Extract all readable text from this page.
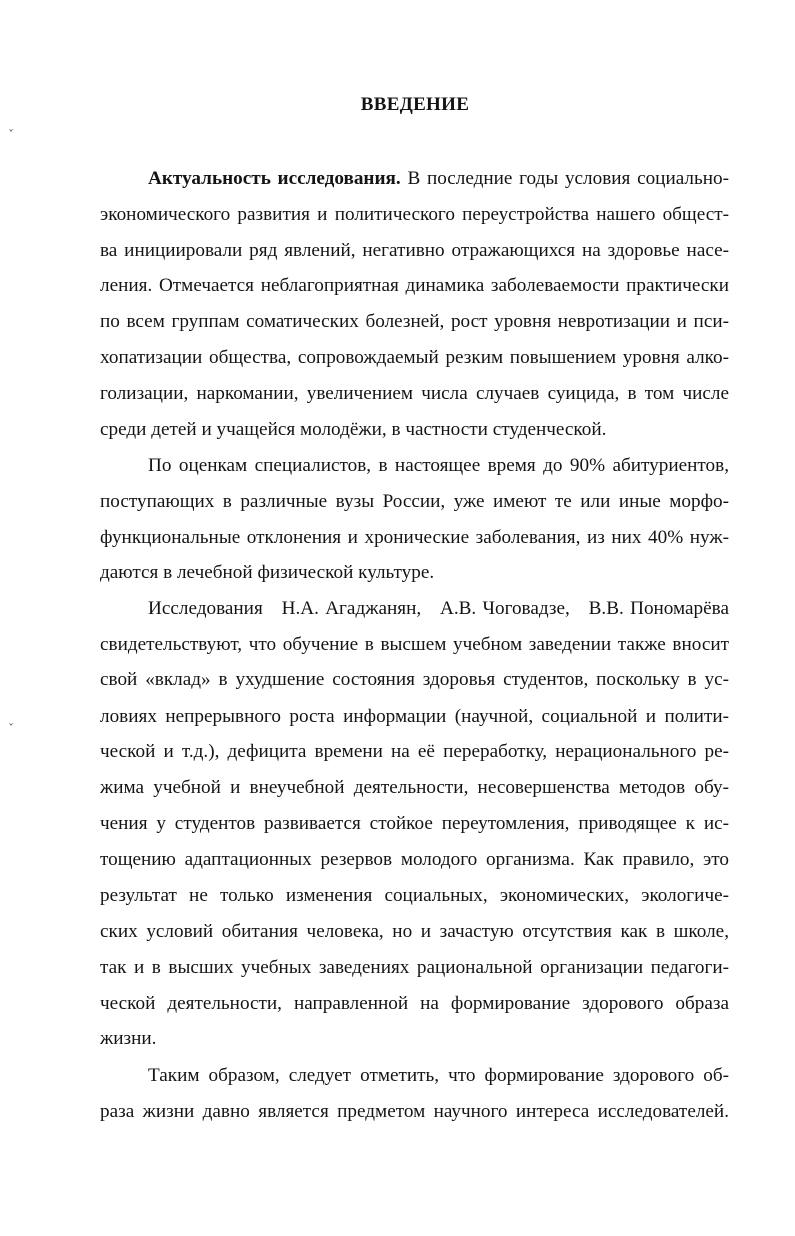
ˇ
ˇ
ВВЕДЕНИЕ
Актуальность исследования. В последние годы условия социально-
экономического развития и политического переустройства нашего общест-
ва инициировали ряд явлений, негативно отражающихся на здоровье насе-
ления. Отмечается неблагоприятная динамика заболеваемости практически
по всем группам соматических болезней, рост уровня невротизации и пси-
хопатизации общества, сопровождаемый резким повышением уровня алко-
голизации, наркомании, увеличением числа случаев суицида, в том числе
среди детей и учащейся молодёжи, в частности студенческой.
По оценкам специалистов, в настоящее время до 90% абитуриентов,
поступающих в различные вузы России, уже имеют те или иные морфо-
функциональные отклонения и хронические заболевания, из них 40% нуж-
даются в лечебной физической культуре.
Исследования   Н.А. Агаджанян,   А.В. Чоговадзе,   В.В. Пономарёва
свидетельствуют, что обучение в высшем учебном заведении также вносит
свой «вклад» в ухудшение состояния здоровья студентов, поскольку в ус-
ловиях непрерывного роста информации (научной, социальной и полити-
ческой и т.д.), дефицита времени на её переработку, нерационального ре-
жима учебной и внеучебной деятельности, несовершенства методов обу-
чения у студентов развивается стойкое переутомления, приводящее к ис-
тощению адаптационных резервов молодого организма. Как правило, это
результат не только изменения социальных, экономических, экологиче-
ских условий обитания человека, но и зачастую отсутствия как в школе,
так и в высших учебных заведениях рациональной организации педагоги-
ческой деятельности, направленной на формирование здорового образа
жизни.
Таким образом, следует отметить, что формирование здорового об-
раза жизни давно является предметом научного интереса исследователей.
